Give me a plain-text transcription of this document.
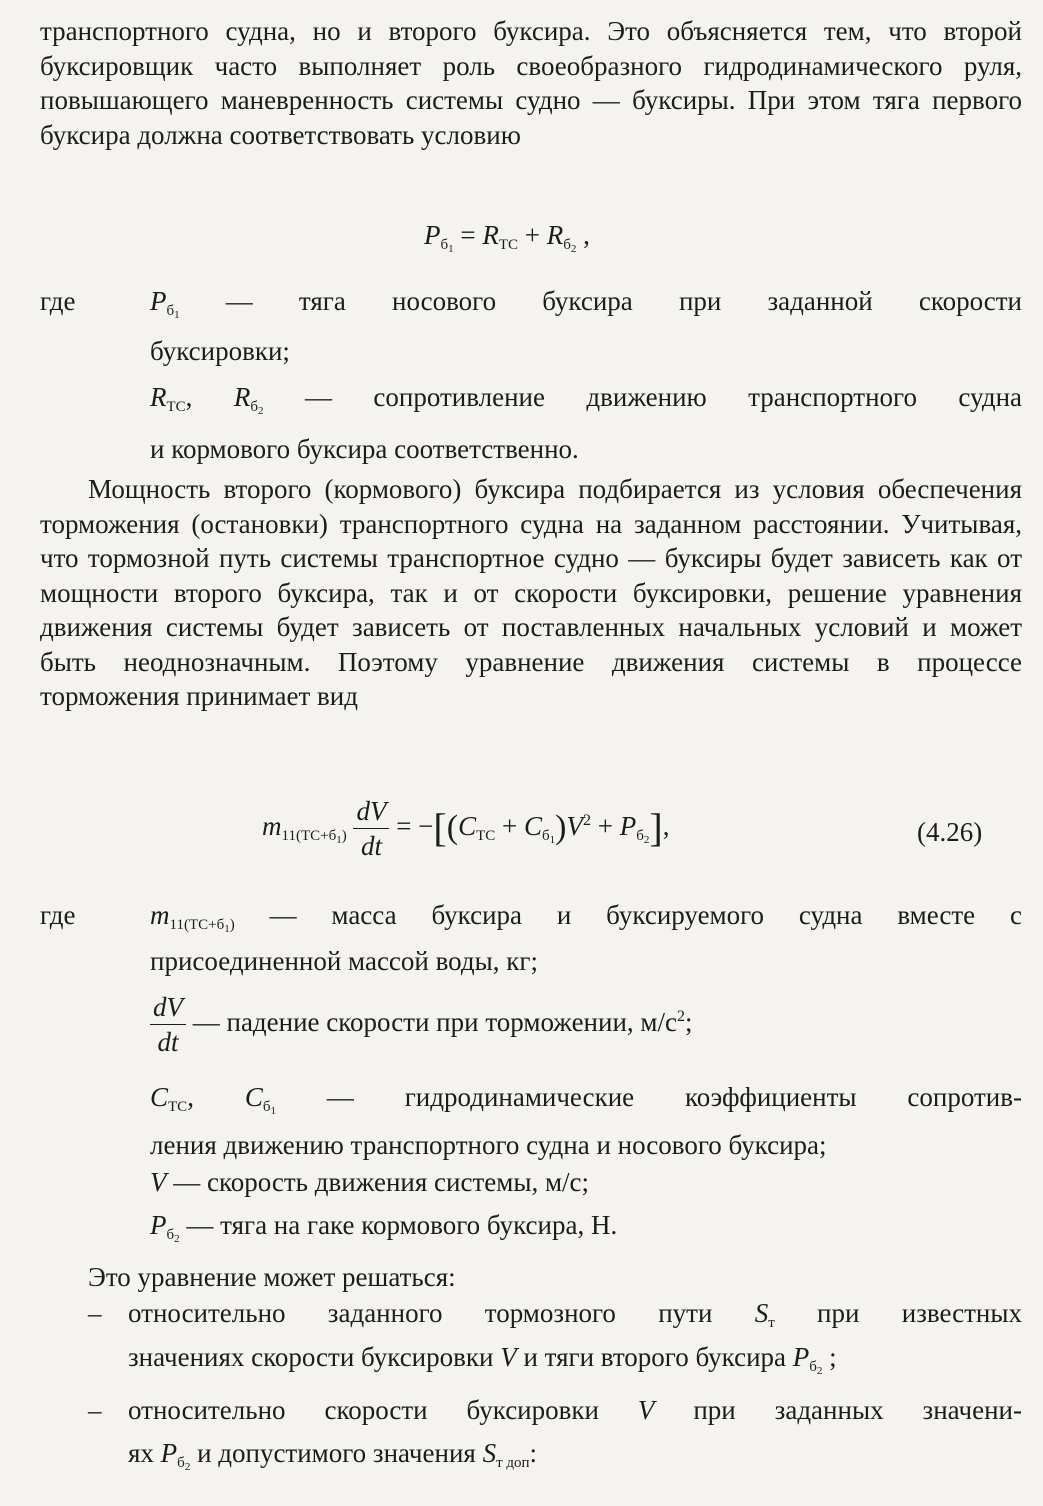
транспортного судна, но и второго буксира. Это объясняется тем, что второй буксировщик часто выполняет роль своеобразного гидродинамического руля, повышающего маневренность системы судно — буксиры. При этом тяга первого буксира должна соответствовать условию

$P_{б_1} = R_{ТС} + R_{б_2}$ ,
где	$P_{б_1}$ — тяга носового буксира при заданной скорости
буксировки;
$R_{ТС}$, $R_{б_2}$ — сопротивление движению транспортного судна
и кормового буксира соответственно.

Мощность второго (кормового) буксира подбирается из условия обеспечения торможения (остановки) транспортного судна на заданном расстоянии. Учитывая, что тормозной путь системы транспортное судно — буксиры будет зависеть как от мощности второго буксира, так и от скорости буксировки, решение уравнения движения системы будет зависеть от поставленных начальных условий и может быть неоднозначным. Поэтому уравнение движения системы в процессе торможения принимает вид

$m_{11(ТС+б_1)} \frac{dV}{dt} = -[(C_{ТС} + C_{б_1})V^2 + P_{б_2}]$,	(4.26)
где	$m_{11(ТС+б_1)}$ — масса буксира и буксируемого судна вместе с
присоединенной массой воды, кг;
$\frac{dV}{dt}$ — падение скорости при торможении, $м/с^2$;
$C_{ТС}$, $C_{б_1}$ — гидродинамические коэффициенты сопротив-
ления движению транспортного судна и носового буксира;
V — скорость движения системы, м/с;
$P_{б_2}$ — тяга на гаке кормового буксира, Н.
Это уравнение может решаться:
– относительно заданного тормозного пути $S_т$ при известных
значениях скорости буксировки V и тяги второго буксира $P_{б_2}$ ;
– относительно скорости буксировки V при заданных значени-
ях $P_{б_2}$ и допустимого значения $S_{т доп}$:
